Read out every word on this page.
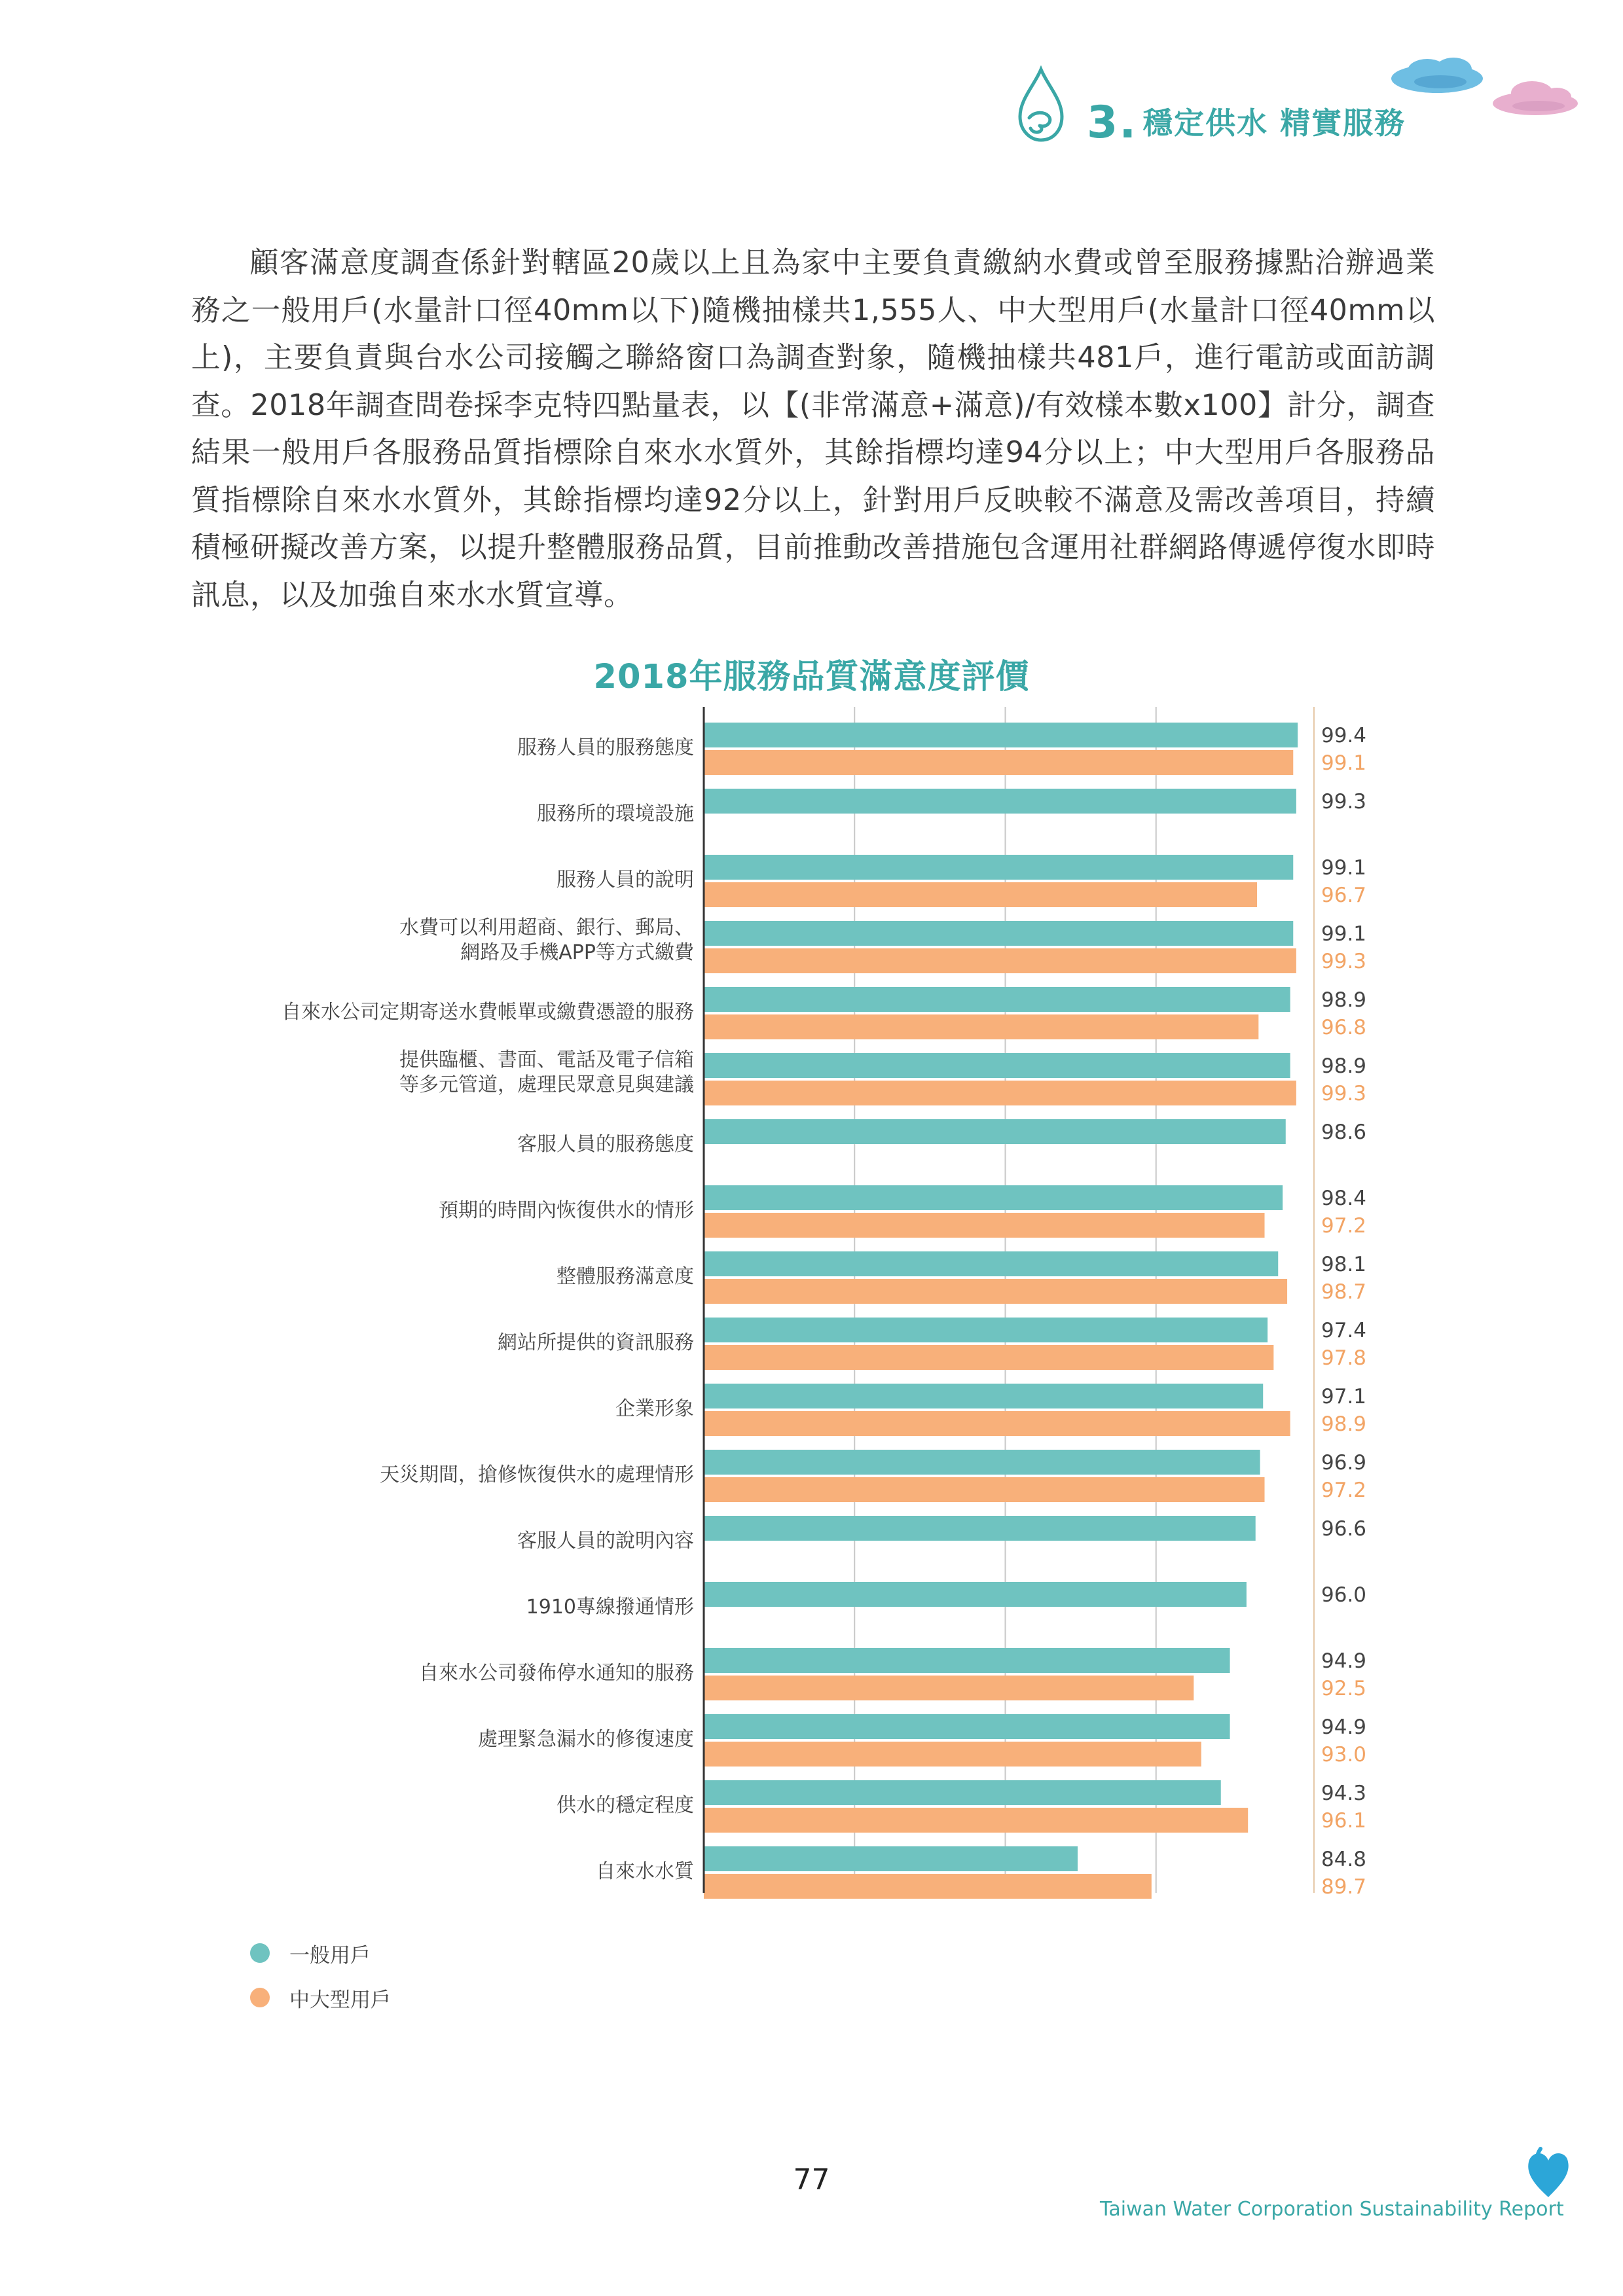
3. 穩定供水 精實服務

顧客滿意度調查係針對轄區20歲以上且為家中主要負責繳納水費或曾至服務據點洽辦過業務之一般用戶(水量計口徑40mm以下)隨機抽樣共1,555人、中大型用戶(水量計口徑40mm以上)，主要負責與台水公司接觸之聯絡窗口為調查對象，隨機抽樣共481戶，進行電訪或面訪調查。2018年調查問卷採李克特四點量表，以【(非常滿意+滿意)/有效樣本數x100】計分，調查結果一般用戶各服務品質指標除自來水水質外，其餘指標均達94分以上；中大型用戶各服務品質指標除自來水水質外，其餘指標均達92分以上，針對用戶反映較不滿意及需改善項目，持續積極研擬改善方案，以提升整體服務品質，目前推動改善措施包含運用社群網路傳遞停復水即時訊息，以及加強自來水水質宣導。

2018年服務品質滿意度評價
服務人員的服務態度
99.4
99.1
服務所的環境設施
99.3
服務人員的說明
99.1
96.7
水費可以利用超商、銀行、郵局、
網路及手機APP等方式繳費
99.1
99.3
自來水公司定期寄送水費帳單或繳費憑證的服務
98.9
96.8
提供臨櫃、書面、電話及電子信箱
等多元管道，處理民眾意見與建議
98.9
99.3
客服人員的服務態度
98.6
預期的時間內恢復供水的情形
98.4
97.2
整體服務滿意度
98.1
98.7
網站所提供的資訊服務
97.4
97.8
企業形象
97.1
98.9
天災期間，搶修恢復供水的處理情形
96.9
97.2
客服人員的說明內容
96.6
1910專線撥通情形
96.0
自來水公司發佈停水通知的服務
94.9
92.5
處理緊急漏水的修復速度
94.9
93.0
供水的穩定程度
94.3
96.1
自來水水質
84.8
89.7
一般用戶
中大型用戶
77
Taiwan Water Corporation Sustainability Report
